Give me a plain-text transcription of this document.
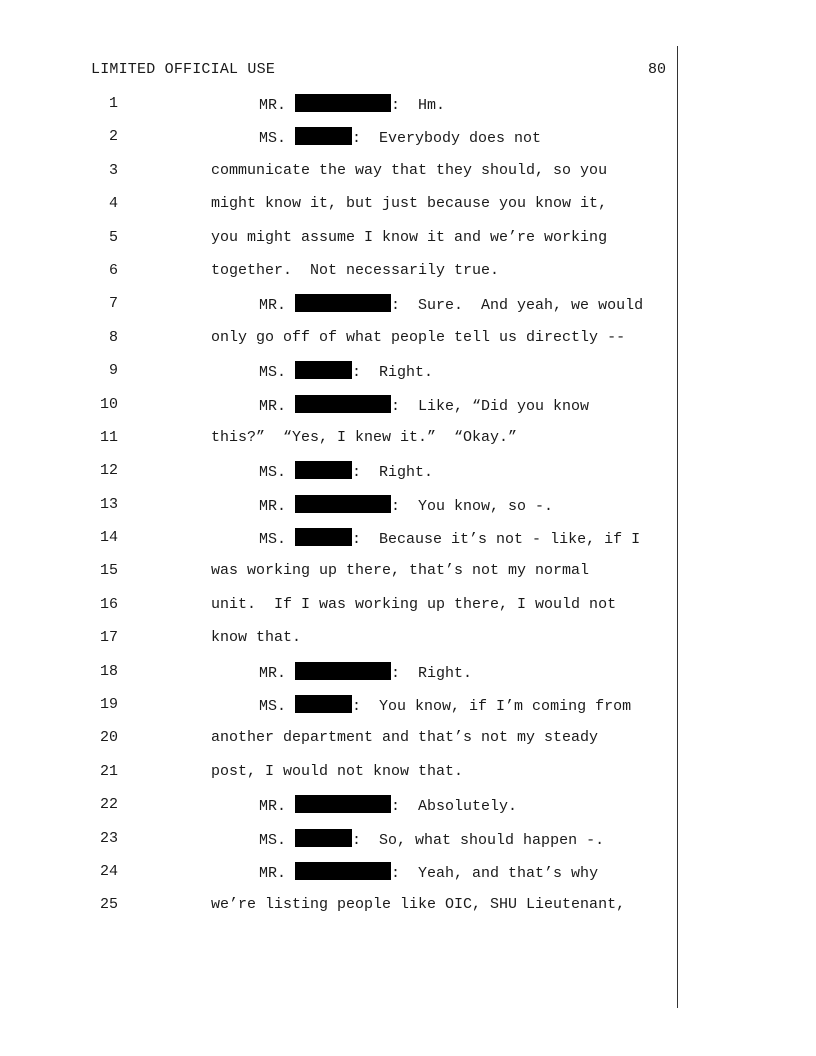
LIMITED OFFICIAL USE	80
1	MR.	:  Hm.
2	MS.	:  Everybody does not
3	communicate the way that they should, so you
4	might know it, but just because you know it,
5	you might assume I know it and we’re working
6	together.  Not necessarily true.
7	MR.	:  Sure.  And yeah, we would
8	only go off of what people tell us directly --
9	MS.	:  Right.
10	MR.	:  Like, “Did you know
11	this?”  “Yes, I knew it.”  “Okay.”
12	MS.	:  Right.
13	MR.	:  You know, so -.
14	MS.	:  Because it’s not - like, if I
15	was working up there, that’s not my normal
16	unit.  If I was working up there, I would not
17	know that.
18	MR.	:  Right.
19	MS.	:  You know, if I’m coming from
20	another department and that’s not my steady
21	post, I would not know that.
22	MR.	:  Absolutely.
23	MS.	:  So, what should happen -.
24	MR.	:  Yeah, and that’s why
25	we’re listing people like OIC, SHU Lieutenant,
